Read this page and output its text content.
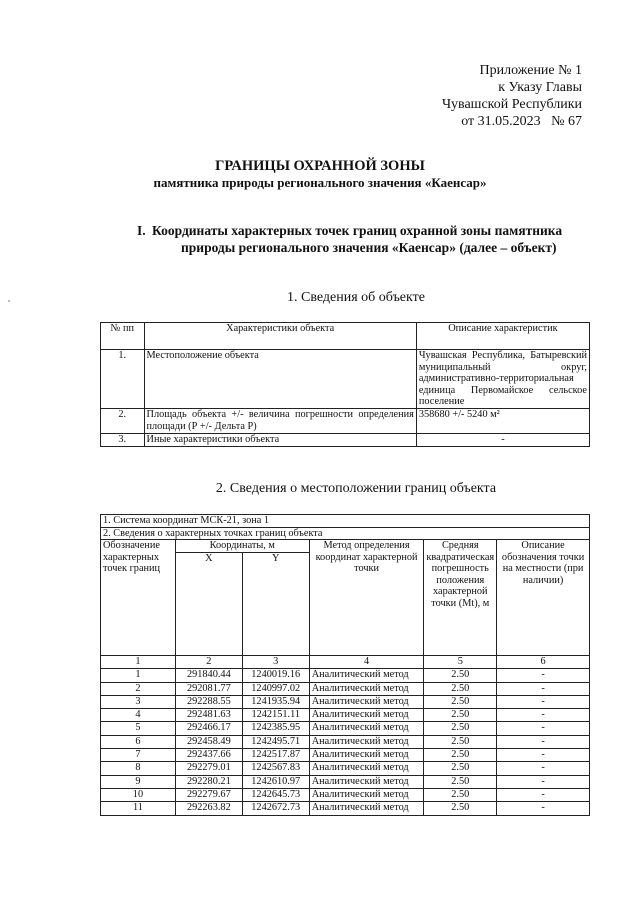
Приложение № 1
к Указу Главы
Чувашской Республики
от 31.05.2023   № 67
ГРАНИЦЫ ОХРАННОЙ ЗОНЫ
памятника природы регионального значения «Каенсар»
I. Координаты характерных точек границ охранной зоны памятника
природы регионального значения «Каенсар» (далее – объект)
1. Сведения об объекте
№ пп	Характеристики объекта	Описание характеристик
1.	Местоположение объекта	Чувашская Республика, Батыревский муниципальный округ, административно-территориальная единица Первомайское сельское поселение
2.	Площадь объекта +/- величина погрешности определения площади (Р +/- Дельта Р)	358680 +/- 5240 м²
3.	Иные характеристики объекта	-
2. Сведения о местоположении границ объекта
1. Система координат МСК-21, зона 1					
2. Сведения о характерных точках границ объекта					
Обозначение характерных точек границ	Координаты, м		Метод определения координат характерной точки	Средняя квадратическая погрешность положения характерной точки (Mt), м	Описание обозначения точки на местности (при наличии)
	X	Y			
1	2	3	4	5	6
1	291840.44	1240019.16	Аналитический метод	2.50	-
2	292081.77	1240997.02	Аналитический метод	2.50	-
3	292288.55	1241935.94	Аналитический метод	2.50	-
4	292481.63	1242151.11	Аналитический метод	2.50	-
5	292466.17	1242385.95	Аналитический метод	2.50	-
6	292458.49	1242495.71	Аналитический метод	2.50	-
7	292437.66	1242517.87	Аналитический метод	2.50	-
8	292279.01	1242567.83	Аналитический метод	2.50	-
9	292280.21	1242610.97	Аналитический метод	2.50	-
10	292279.67	1242645.73	Аналитический метод	2.50	-
11	292263.82	1242672.73	Аналитический метод	2.50	-
